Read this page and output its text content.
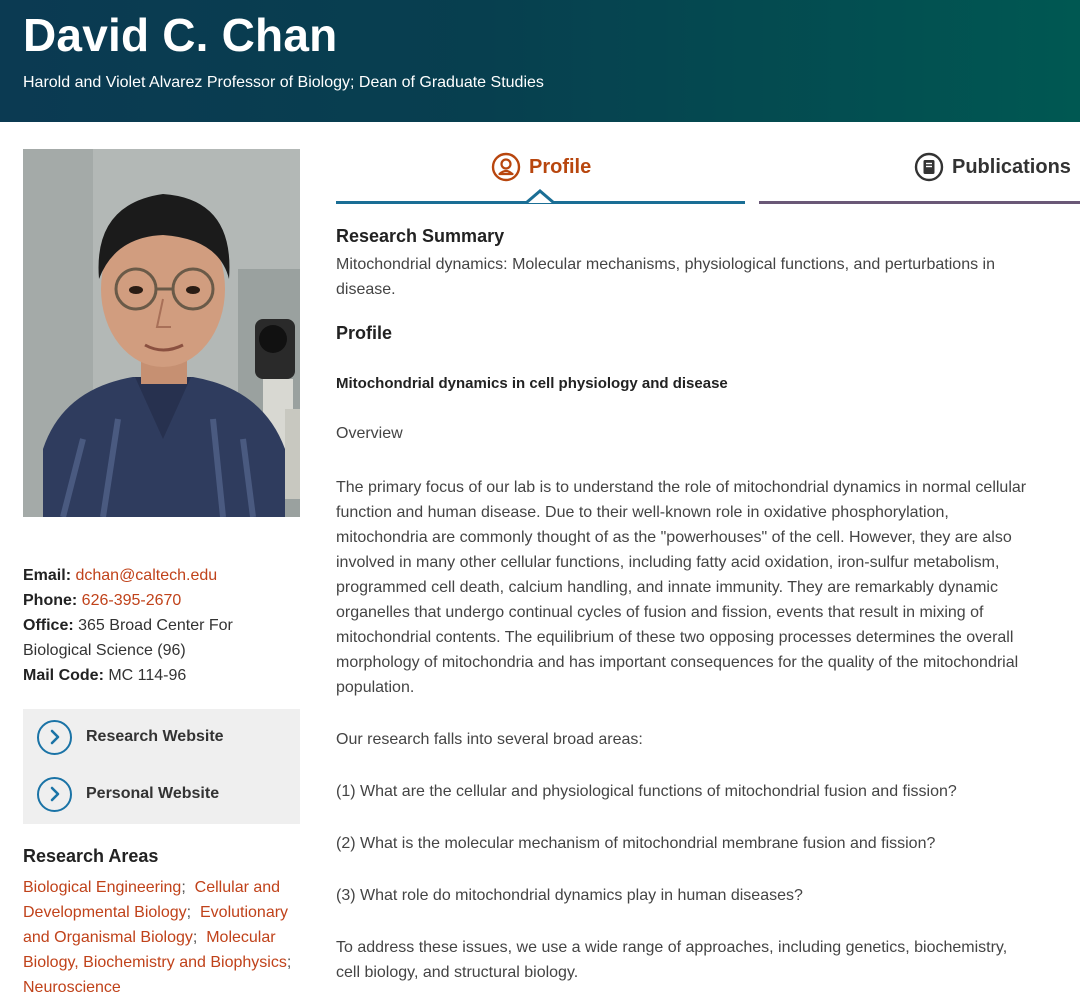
David C. Chan
Harold and Violet Alvarez Professor of Biology; Dean of Graduate Studies
Email: dchan@caltech.edu
Phone: 626-395-2670
Office: 365 Broad Center For Biological Science (96)
Mail Code: MC 114-96
Research Website
Personal Website
Research Areas
Biological Engineering; Cellular and Developmental Biology; Evolutionary and Organismal Biology; Molecular Biology, Biochemistry and Biophysics; Neuroscience
Profile	Publications
Research Summary
Mitochondrial dynamics: Molecular mechanisms, physiological functions, and perturbations in disease.
Profile
Mitochondrial dynamics in cell physiology and disease
Overview
The primary focus of our lab is to understand the role of mitochondrial dynamics in normal cellular function and human disease. Due to their well-known role in oxidative phosphorylation, mitochondria are commonly thought of as the "powerhouses" of the cell. However, they are also involved in many other cellular functions, including fatty acid oxidation, iron-sulfur metabolism, programmed cell death, calcium handling, and innate immunity. They are remarkably dynamic organelles that undergo continual cycles of fusion and fission, events that result in mixing of mitochondrial contents. The equilibrium of these two opposing processes determines the overall morphology of mitochondria and has important consequences for the quality of the mitochondrial population.
Our research falls into several broad areas:
(1) What are the cellular and physiological functions of mitochondrial fusion and fission?
(2) What is the molecular mechanism of mitochondrial membrane fusion and fission?
(3) What role do mitochondrial dynamics play in human diseases?
To address these issues, we use a wide range of approaches, including genetics, biochemistry, cell biology, and structural biology.
